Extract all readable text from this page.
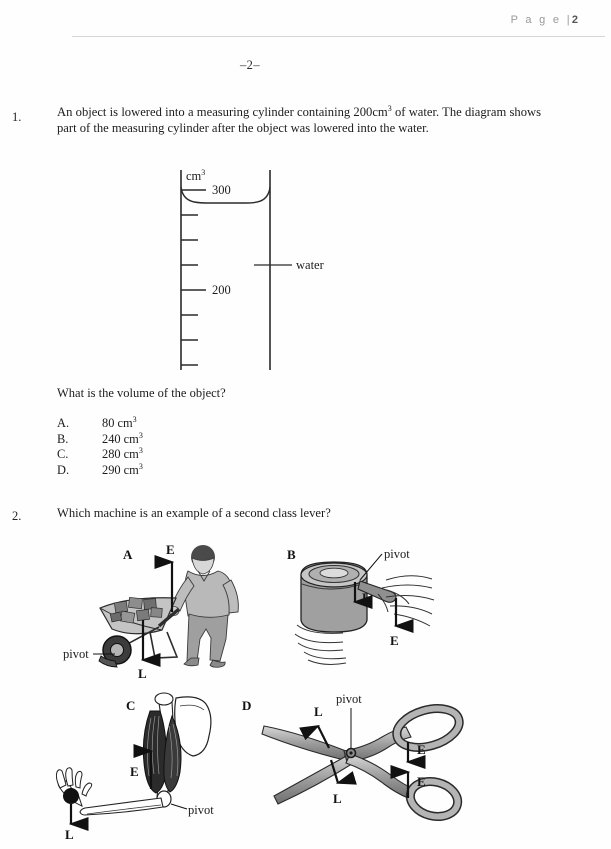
P a g e |2
–2–
1.	An object is lowered into a measuring cylinder containing $200cm^3$ of water. The diagram shows part of the measuring cylinder after the object was lowered into the water.
300
200
$cm^3$
water
What is the volume of the object?
A.	80 $cm^3$
B.	240 $cm^3$
C.	280 $cm^3$
D.	290 $cm^3$
2.	Which machine is an example of a second class lever?
A	E
L
pivot
B	pivot
L
E
C
E
L
pivot
D	pivot
L
L
E
E
